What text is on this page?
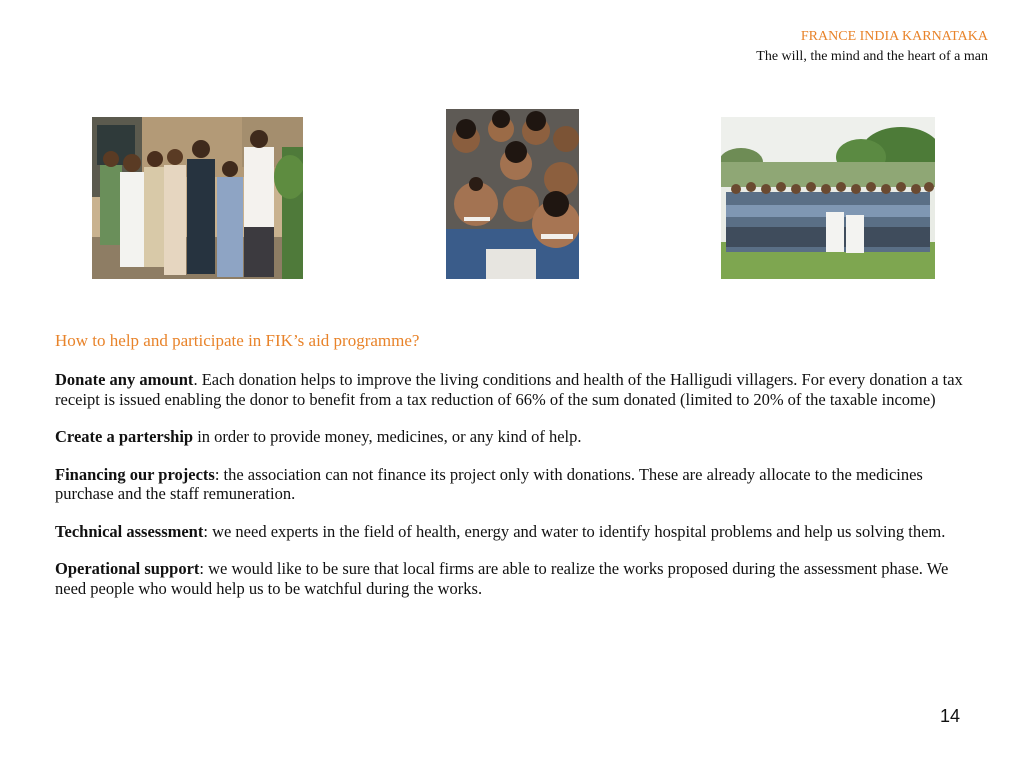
FRANCE INDIA KARNATAKA
The will, the mind and the heart of a man
How to help and participate in FIK’s aid programme?
Donate any amount. Each donation helps to improve the living conditions and health of the Halligudi villagers. For every donation a tax receipt is issued enabling the donor to benefit from a tax reduction of 66% of the sum donated (limited to 20% of the taxable income)
Create a partership in order to provide money, medicines, or any kind of help.
Financing our projects: the association can not finance its project only with donations. These are already allocate to the medicines purchase and the staff remuneration.
Technical assessment: we need experts in the field of health, energy and water to identify hospital problems and help us solving them.
Operational support: we would like to be sure that local firms are able to realize the works proposed during the assessment phase. We need people who would help us to be watchful during the works.
14
